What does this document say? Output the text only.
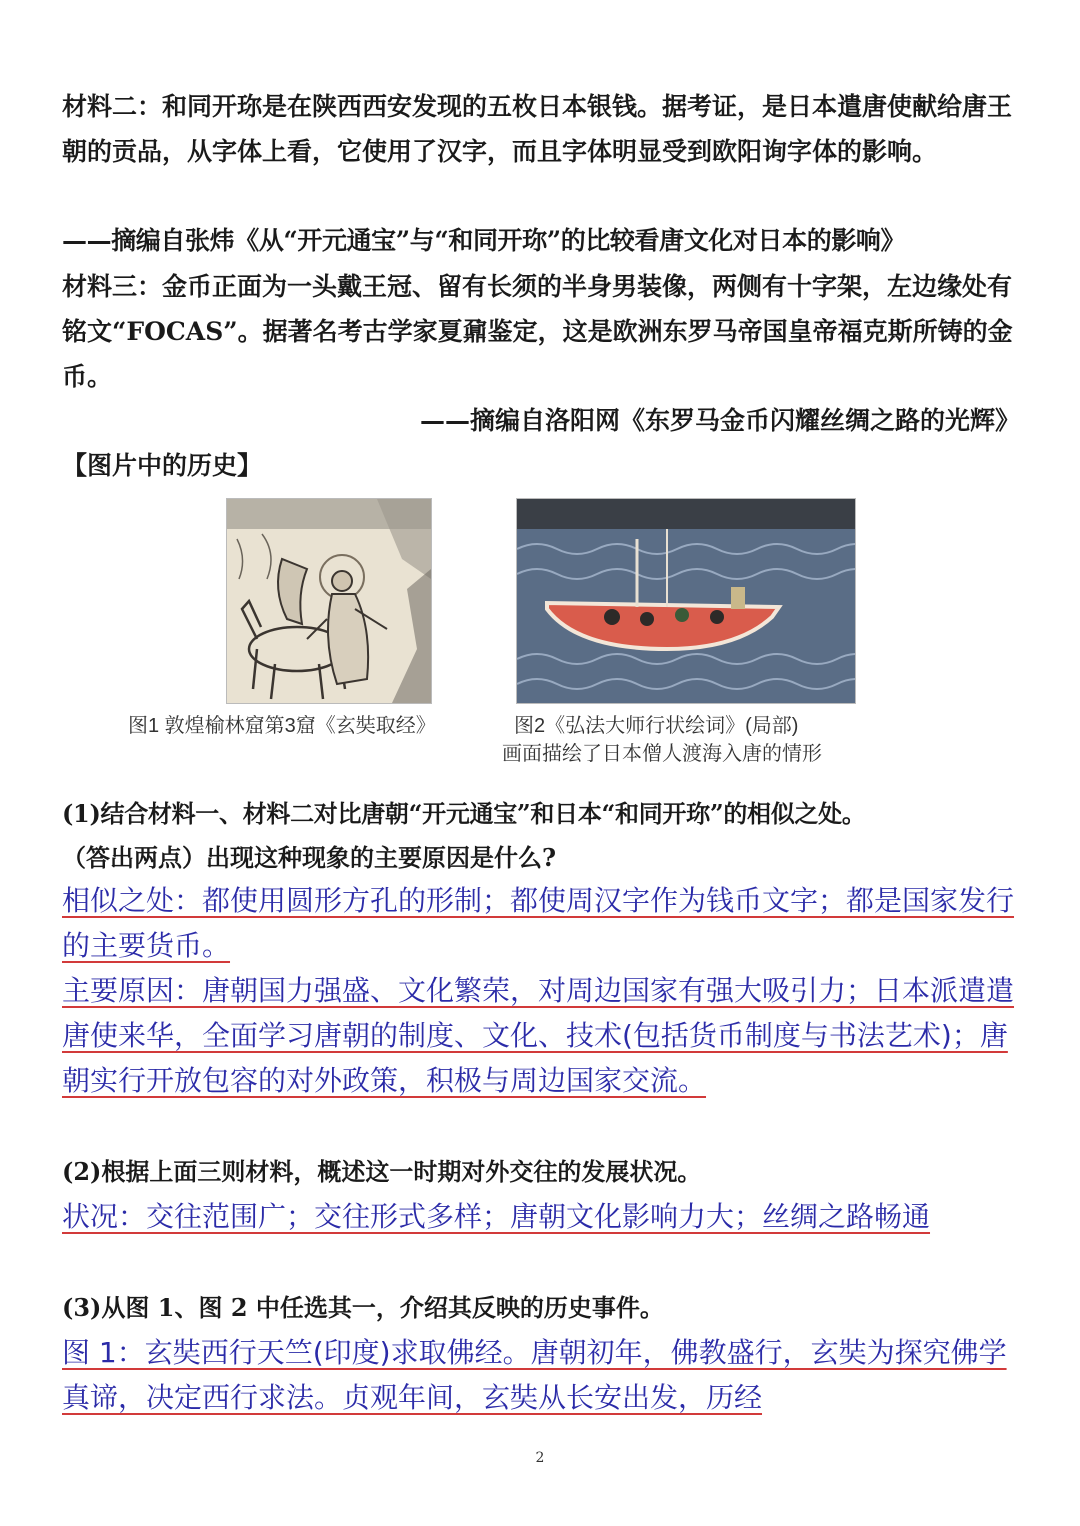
材料二：和同开珎是在陕西西安发现的五枚日本银钱。据考证，是日本遣唐使献给唐王朝的贡品，从字体上看，它使用了汉字，而且字体明显受到欧阳询字体的影响。
——摘编自张炜《从“开元通宝”与“和同开珎”的比较看唐文化对日本的影响》
材料三：金币正面为一头戴王冠、留有长须的半身男装像，两侧有十字架，左边缘处有铭文“FOCAS”。据著名考古学家夏鼐鉴定，这是欧洲东罗马帝国皇帝福克斯所铸的金币。
——摘编自洛阳网《东罗马金币闪耀丝绸之路的光辉》
【图片中的历史】
图1 敦煌榆林窟第3窟《玄奘取经》	图2《弘法大师行状绘词》(局部)
画面描绘了日本僧人渡海入唐的情形
(1)结合材料一、材料二对比唐朝“开元通宝”和日本“和同开珎”的相似之处。
（答出两点）出现这种现象的主要原因是什么?
相似之处：都使用圆形方孔的形制；都使周汉字作为钱币文字；都是国家发行的主要货币。
主要原因：唐朝国力强盛、文化繁荣，对周边国家有强大吸引力；日本派遣遣唐使来华，全面学习唐朝的制度、文化、技术(包括货币制度与书法艺术)；唐朝实行开放包容的对外政策，积极与周边国家交流。
(2)根据上面三则材料，概述这一时期对外交往的发展状况。
状况：交往范围广；交往形式多样；唐朝文化影响力大；丝绸之路畅通
(3)从图 1、图 2 中任选其一，介绍其反映的历史事件。
图 1：玄奘西行天竺(印度)求取佛经。唐朝初年，佛教盛行，玄奘为探究佛学真谛，决定西行求法。贞观年间，玄奘从长安出发，历经
2
